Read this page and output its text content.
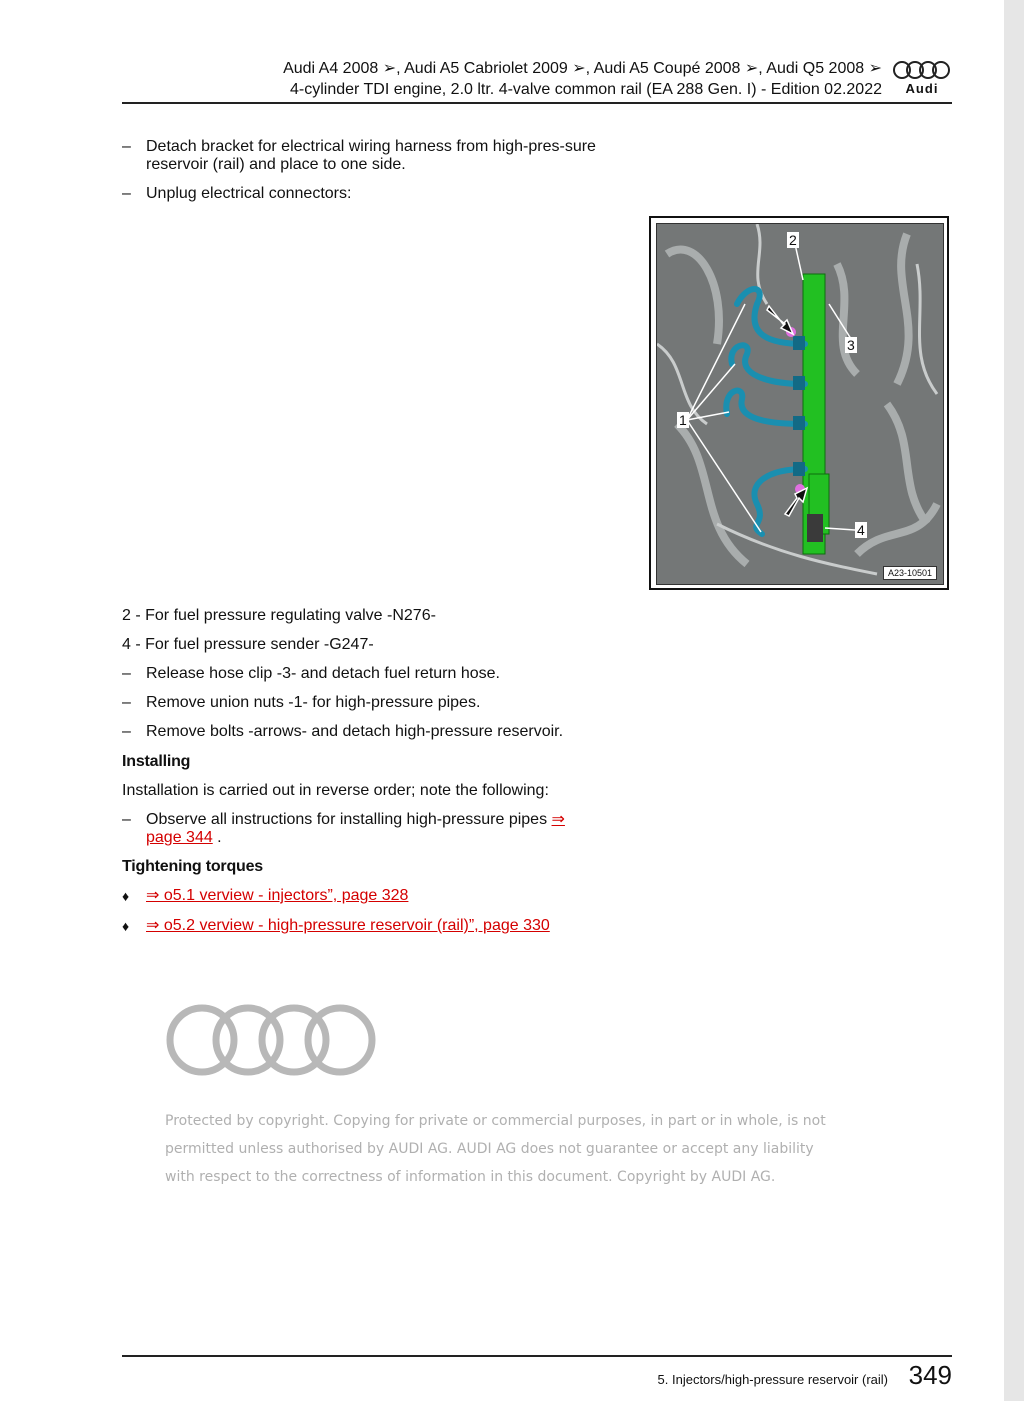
Audi A4 2008 ➢, Audi A5 Cabriolet 2009 ➢, Audi A5 Coupé 2008 ➢, Audi Q5 2008 ➢
4-cylinder TDI engine, 2.0 ltr. 4-valve common rail (EA 288 Gen. I) - Edition 02.2022	Audi
– Detach bracket for electrical wiring harness from high-pres-sure reservoir (rail) and place to one side.
– Unplug electrical connectors:
2 - For fuel pressure regulating valve -N276-
4 - For fuel pressure sender -G247-
– Release hose clip -3- and detach fuel return hose.
– Remove union nuts -1- for high-pressure pipes.
– Remove bolts -arrows- and detach high-pressure reservoir.
Installing
Installation is carried out in reverse order; note the following:
– Observe all instructions for installing high-pressure pipes ⇒
page 344 .
Tightening torques
♦ ⇒ o5.1 verview - injectors”, page 328
♦ ⇒ o5.2 verview - high-pressure reservoir (rail)”, page 330
2
3
1
4
A23-10501
Protected by copyright. Copying for private or commercial purposes, in part or in whole, is not
permitted unless authorised by AUDI AG. AUDI AG does not guarantee or accept any liability
with respect to the correctness of information in this document. Copyright by AUDI AG.
5. Injectors/high-pressure reservoir (rail) 349
